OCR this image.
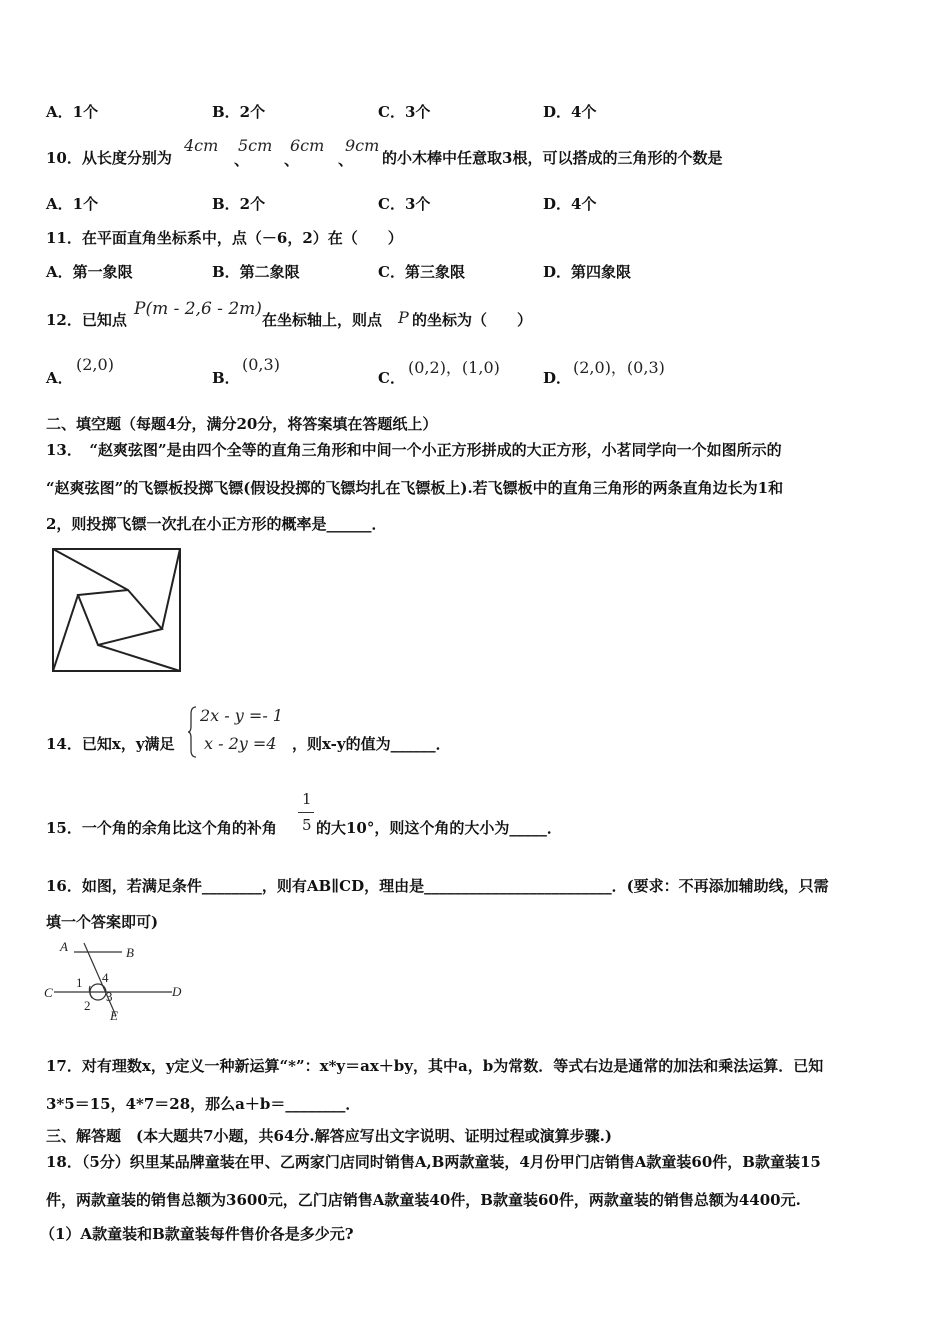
A．1个	B．2个	C．3个	D．4个
10．从长度分别为
4cm
、
5cm
、
6cm
、
9cm
的小木棒中任意取3根，可以搭成的三角形的个数是
A．1个	B．2个	C．3个	D．4个
11．在平面直角坐标系中，点（－6，2）在（　　）
A．第一象限	B．第二象限	C．第三象限	D．第四象限
12．已知点
P(m - 2,6 - 2m)
在坐标轴上，则点 P 的坐标为（　　）
A．
(2,0)
B．
(0,3)
C．
(0,2)，(1,0)
D．
(2,0)，(0,3)
二、填空题（每题4分，满分20分，将答案填在答题纸上）
13．　“赵爽弦图”是由四个全等的直角三角形和中间一个小正方形拼成的大正方形，小茗同学向一个如图所示的
“赵爽弦图”的飞镖板投掷飞镖(假设投掷的飞镖均扎在飞镖板上).若飞镖板中的直角三角形的两条直角边长为1和
2，则投掷飞镖一次扎在小正方形的概率是______．
14．已知x，y满足
2x - y =- 1
x - 2y =4 ，则x-y的值为______．
15．一个角的余角比这个角的补角
1
5 的大10°，则这个角的大小为_____．
16．如图，若满足条件________，则有AB∥CD，理由是_________________________．(要求：不再添加辅助线，只需
填一个答案即可)
A	B
C	D
E
1
2
3
4
17．对有理数x，y定义一种新运算“*”：x*y＝ax＋by，其中a，b为常数．等式右边是通常的加法和乘法运算．已知
3*5＝15，4*7＝28，那么a＋b＝________．
三、解答题　(本大题共7小题，共64分.解答应写出文字说明、证明过程或演算步骤.)
18．（5分）织里某品牌童装在甲、乙两家门店同时销售A,B两款童装，4月份甲门店销售A款童装60件，B款童装15
件，两款童装的销售总额为3600元，乙门店销售A款童装40件，B款童装60件，两款童装的销售总额为4400元.
（1）A款童装和B款童装每件售价各是多少元?
